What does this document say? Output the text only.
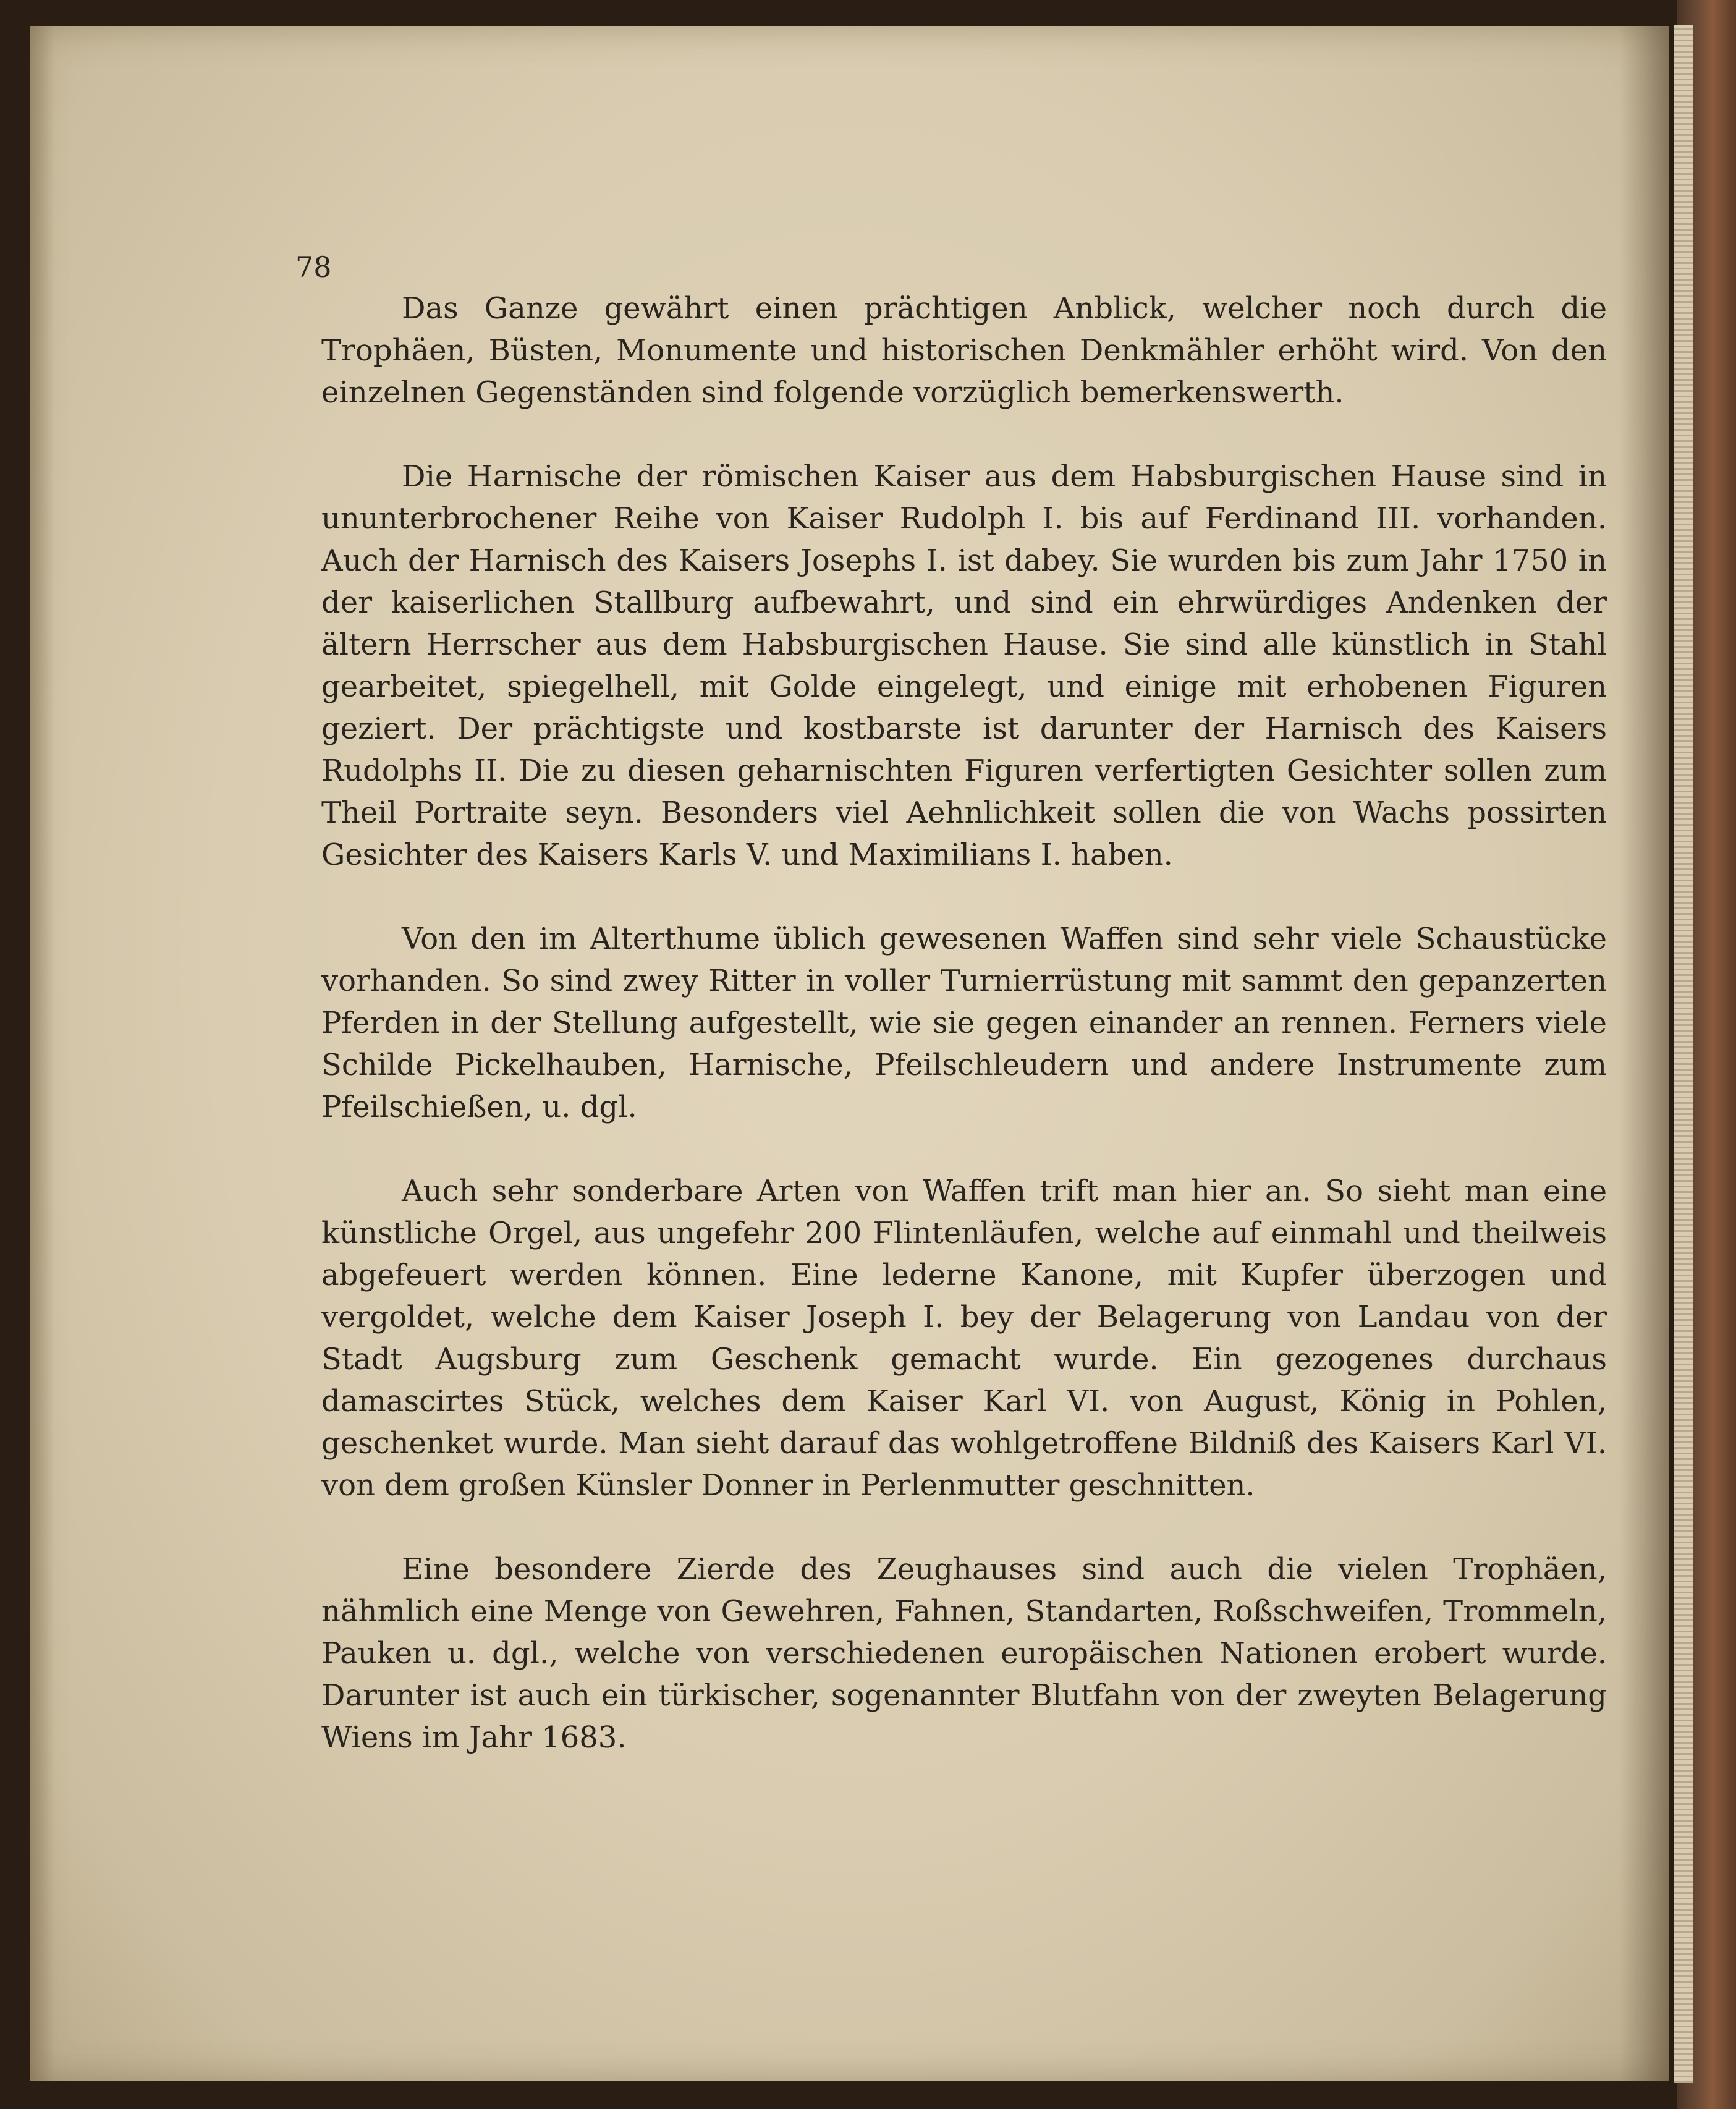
78

Das Ganze gewährt einen prächtigen Anblick, welcher noch durch die Trophäen, Büsten, Monumente und historischen Denkmähler erhöht wird. Von den einzelnen Gegenständen sind folgende vorzüglich bemerkenswerth.

Die Harnische der römischen Kaiser aus dem Habsburgischen Hause sind in ununterbrochener Reihe von Kaiser Rudolph I. bis auf Ferdinand III. vorhanden. Auch der Harnisch des Kaisers Josephs I. ist dabey. Sie wurden bis zum Jahr 1750 in der kaiserlichen Stallburg aufbewahrt, und sind ein ehrwürdiges Andenken der ältern Herrscher aus dem Habsburgischen Hause. Sie sind alle künstlich in Stahl gearbeitet, spiegelhell, mit Golde eingelegt, und einige mit erhobenen Figuren geziert. Der prächtigste und kostbarste ist darunter der Harnisch des Kaisers Rudolphs II. Die zu diesen geharnischten Figuren verfertigten Gesichter sollen zum Theil Portraite seyn. Besonders viel Aehnlichkeit sollen die von Wachs possirten Gesichter des Kaisers Karls V. und Maximilians I. haben.

Von den im Alterthume üblich gewesenen Waffen sind sehr viele Schaustücke vorhanden. So sind zwey Ritter in voller Turnierrüstung mit sammt den gepanzerten Pferden in der Stellung aufgestellt, wie sie gegen einander an rennen. Ferners viele Schilde Pickelhauben, Harnische, Pfeilschleudern und andere Instrumente zum Pfeilschießen, u. dgl.

Auch sehr sonderbare Arten von Waffen trift man hier an. So sieht man eine künstliche Orgel, aus ungefehr 200 Flintenläufen, welche auf einmahl und theilweis abgefeuert werden können. Eine lederne Kanone, mit Kupfer überzogen und vergoldet, welche dem Kaiser Joseph I. bey der Belagerung von Landau von der Stadt Augsburg zum Geschenk gemacht wurde. Ein gezogenes durchaus damascirtes Stück, welches dem Kaiser Karl VI. von August, König in Pohlen, geschenket wurde. Man sieht darauf das wohlgetroffene Bildniß des Kaisers Karl VI. von dem großen Künsler Donner in Perlenmutter geschnitten.

Eine besondere Zierde des Zeughauses sind auch die vielen Trophäen, nähmlich eine Menge von Gewehren, Fahnen, Standarten, Roßschweifen, Trommeln, Pauken u. dgl., welche von verschiedenen europäischen Nationen erobert wurde. Darunter ist auch ein türkischer, sogenannter Blutfahn von der zweyten Belagerung Wiens im Jahr 1683.
